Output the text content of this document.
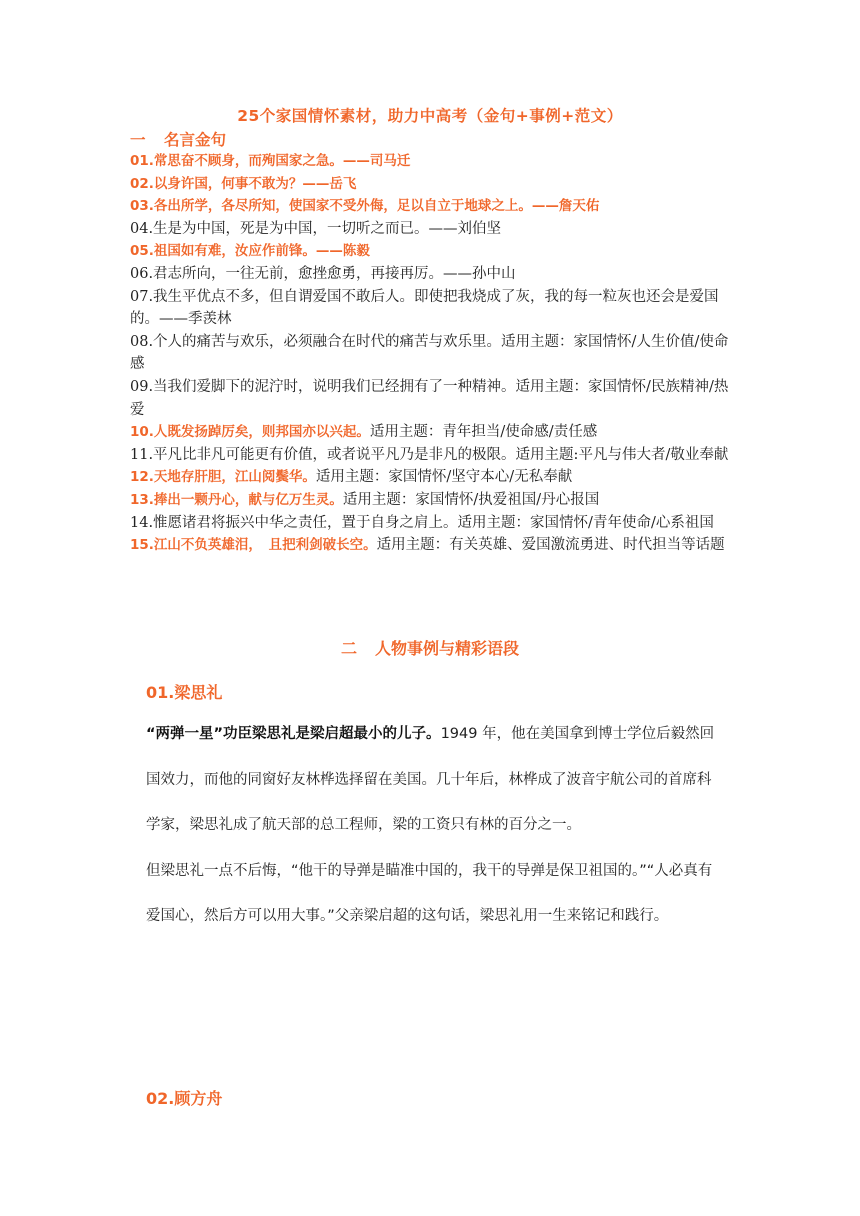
25个家国情怀素材，助力中高考（金句+事例+范文）
一 名言金句

01.常思奋不顾身，而殉国家之急。——司马迁

02.以身许国，何事不敢为？——岳飞

03.各出所学，各尽所知，使国家不受外侮，足以自立于地球之上。——詹天佑

04.生是为中国，死是为中国，一切听之而已。——刘伯坚

05.祖国如有难，汝应作前锋。——陈毅

06.君志所向，一往无前，愈挫愈勇，再接再厉。——孙中山

07.我生平优点不多，但自谓爱国不敢后人。即使把我烧成了灰，我的每一粒灰也还会是爱国的。——季羡林

08.个人的痛苦与欢乐，必须融合在时代的痛苦与欢乐里。适用主题：家国情怀/人生价值/使命感

09.当我们爱脚下的泥泞时，说明我们已经拥有了一种精神。适用主题：家国情怀/民族精神/热爱

10.人既发扬踔厉矣，则邦国亦以兴起。适用主题：青年担当/使命感/责任感

11.平凡比非凡可能更有价值，或者说平凡乃是非凡的极限。适用主题:平凡与伟大者/敬业奉献

12.天地存肝胆，江山阅鬓华。适用主题：家国情怀/坚守本心/无私奉献

13.捧出一颗丹心，献与亿万生灵。适用主题：家国情怀/执爱祖国/丹心报国

14.惟愿诸君将振兴中华之责任，置于自身之肩上。适用主题：家国情怀/青年使命/心系祖国

15.江山不负英雄泪，　且把利剑破长空。适用主题：有关英雄、爱国激流勇进、时代担当等话题

二 人物事例与精彩语段
01.梁思礼

“两弹一星”功臣梁思礼是梁启超最小的儿子。1949 年，他在美国拿到博士学位后毅然回国效力，而他的同窗好友林桦选择留在美国。几十年后，林桦成了波音宇航公司的首席科学家，梁思礼成了航天部的总工程师，梁的工资只有林的百分之一。

但梁思礼一点不后悔，“他干的导弹是瞄准中国的，我干的导弹是保卫祖国的。”“人必真有爱国心，然后方可以用大事。”父亲梁启超的这句话，梁思礼用一生来铭记和践行。

02.顾方舟
